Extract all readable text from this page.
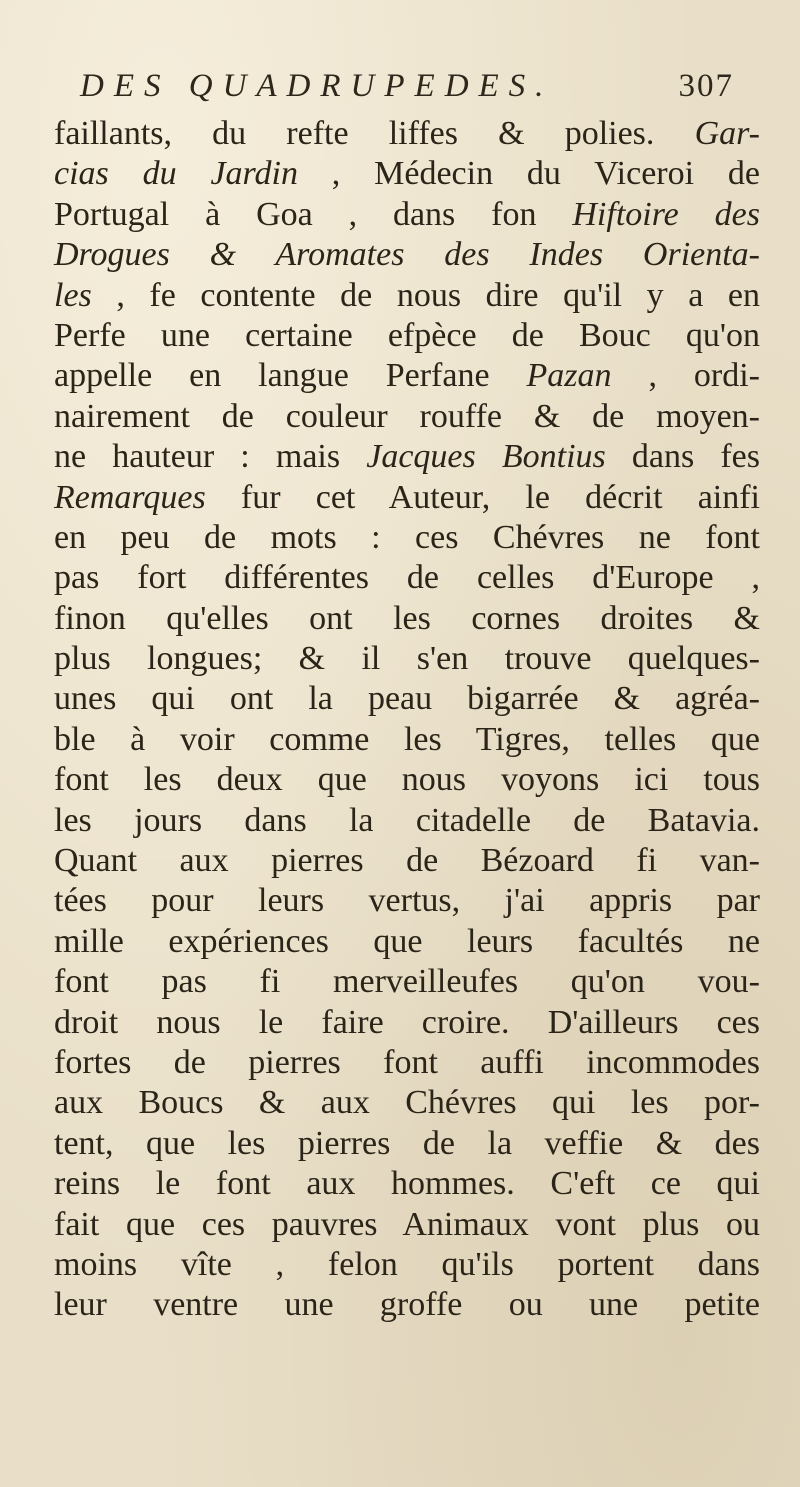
DES QUADRUPEDES.	307
faillants, du refte liffes & polies. Gar-
cias du Jardin , Médecin du Viceroi de
Portugal à Goa , dans fon Hiftoire des
Drogues & Aromates des Indes Orienta-
les , fe contente de nous dire qu'il y a en
Perfe une certaine efpèce de Bouc qu'on
appelle en langue Perfane Pazan , ordi-
nairement de couleur rouffe & de moyen-
ne hauteur : mais Jacques Bontius dans fes
Remarques fur cet Auteur, le décrit ainfi
en peu de mots : ces Chévres ne font
pas fort différentes de celles d'Europe ,
finon qu'elles ont les cornes droites &
plus longues; & il s'en trouve quelques-
unes qui ont la peau bigarrée & agréa-
ble à voir comme les Tigres, telles que
font les deux que nous voyons ici tous
les jours dans la citadelle de Batavia.
Quant aux pierres de Bézoard fi van-
tées pour leurs vertus, j'ai appris par
mille expériences que leurs facultés ne
font pas fi merveilleufes qu'on vou-
droit nous le faire croire. D'ailleurs ces
fortes de pierres font auffi incommodes
aux Boucs & aux Chévres qui les por-
tent, que les pierres de la veffie & des
reins le font aux hommes. C'eft ce qui
fait que ces pauvres Animaux vont plus ou
moins vîte , felon qu'ils portent dans
leur ventre une groffe ou une petite
